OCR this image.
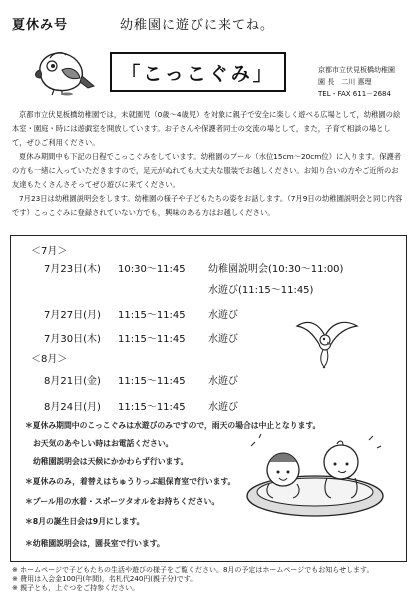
夏休み号	幼稚園に遊びに来てね。
「こっこぐみ」	京都市立伏見板橋幼稚園
園 長　二川 惠理
TEL・FAX 611－2684

京都市立伏見板橋幼稚園では，未就園児（0歳～4歳児）を対象に親子で安全に楽しく遊べる広場として，幼稚園の絵本室・園庭・時には遊戯室を開放しています。お子さんや保護者同士の交流の場として，また，子育て相談の場として，ぜひご利用ください。

夏休み期間中も下記の日程でこっこぐみをしています。幼稚園のプール（水位15cm～20cm位）に入ります。保護者の方も一緒に入っていただきますので，足元がぬれても大丈夫な服装でお越しください。お知り合いの方やご近所のお友達もたくさんさそってぜひ遊びに来てください。

7月23日は幼稚園説明会をします。幼稚園の様子や子どもたちの姿をお話します。（7月9日の幼稚園説明会と同じ内容です）こっこぐみに登録されていない方でも，興味のある方はお越しください。

＜7月＞
7月23日(木) 10:30～11:45 幼稚園説明会(10:30～11:00)
水遊び(11:15～11:45)
7月27日(月) 11:15～11:45 水遊び
7月30日(木) 11:15～11:45 水遊び
＜8月＞
8月21日(金) 11:15～11:45 水遊び
8月24日(月) 11:15～11:45 水遊び
＊夏休み期間中のこっこぐみは水遊びのみですので，雨天の場合は中止となります。
お天気のあやしい時はお電話ください。
幼稚園説明会は天候にかかわらず行います。
＊夏休みのみ，着替えはちゅうりっぷ組保育室で行います。
＊プール用の水着・スポーツタオルをお持ちください。
＊8月の誕生日会は9月にします。
＊幼稚園説明会は，園長室で行います。
※ ホームページで子どもたちの生活や遊びの様子をご覧ください。8月の予定はホームページでもお知らせします。
※ 費用は入会金100円(年間)，名札代240円(親子分)です。
※ 親子とも，上ぐつをご持参ください。
